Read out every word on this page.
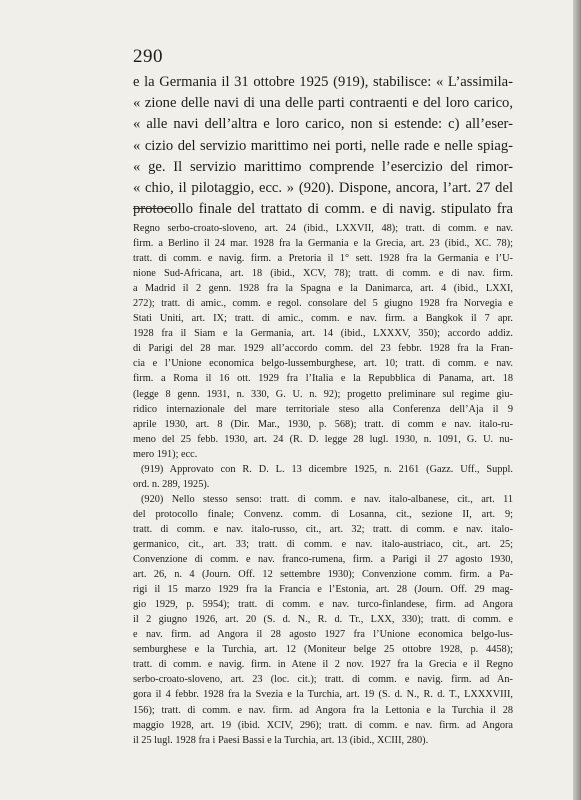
290
e la Germania il 31 ottobre 1925 (919), stabilisce: « L’assimila-
« zione delle navi di una delle parti contraenti e del loro carico,
« alle navi dell’altra e loro carico, non si estende: c) all’eser-
« cizio del servizio marittimo nei porti, nelle rade e nelle spiag-
« ge. Il servizio marittimo comprende l’esercizio del rimor-
« chio, il pilotaggio, ecc. » (920). Dispone, ancora, l’art. 27 del
protocollo finale del trattato di comm. e di navig. stipulato fra
Regno serbo-croato-sloveno, art. 24 (ibid., LXXVII, 48); tratt. di comm. e nav.
firm. a Berlino il 24 mar. 1928 fra la Germania e la Grecia, art. 23 (ibid., XC. 78);
tratt. di comm. e navig. firm. a Pretoria il 1° sett. 1928 fra la Germania e l’U-
nione Sud-Africana, art. 18 (ibid., XCV, 78); tratt. di comm. e di nav. firm.
a Madrid il 2 genn. 1928 fra la Spagna e la Danimarca, art. 4 (ibid., LXXI,
272); tratt. di amic., comm. e regol. consolare del 5 giugno 1928 fra Norvegia e
Stati Uniti, art. IX; tratt. di amic., comm. e nav. firm. a Bangkok il 7 apr.
1928 fra il Siam e la Germania, art. 14 (ibid., LXXXV, 350); accordo addiz.
di Parigi del 28 mar. 1929 all’accordo comm. del 23 febbr. 1928 fra la Fran-
cia e l’Unione economica belgo-lussemburghese, art. 10; tratt. di comm. e nav.
firm. a Roma il 16 ott. 1929 fra l’Italia e la Repubblica di Panama, art. 18
(legge 8 genn. 1931, n. 330, G. U. n. 92); progetto preliminare sul regime giu-
ridico internazionale del mare territoriale steso alla Conferenza dell’Aja il 9
aprile 1930, art. 8 (Dir. Mar., 1930, p. 568); tratt. di comm e nav. italo-ru-
meno del 25 febb. 1930, art. 24 (R. D. legge 28 lugl. 1930, n. 1091, G. U. nu-
mero 191); ecc.
(919) Approvato con R. D. L. 13 dicembre 1925, n. 2161 (Gazz. Uff., Suppl.
ord. n. 289, 1925).
(920) Nello stesso senso: tratt. di comm. e nav. italo-albanese, cit., art. 11
del protocollo finale; Convenz. comm. di Losanna, cit., sezione II, art. 9;
tratt. di comm. e nav. italo-russo, cit., art. 32; tratt. di comm. e nav. italo-
germanico, cit., art. 33; tratt. di comm. e nav. italo-austriaco, cit., art. 25;
Convenzione di comm. e nav. franco-rumena, firm. a Parigi il 27 agosto 1930,
art. 26, n. 4 (Journ. Off. 12 settembre 1930); Convenzione comm. firm. a Pa-
rigi il 15 marzo 1929 fra la Francia e l’Estonia, art. 28 (Journ. Off. 29 mag-
gio 1929, p. 5954); tratt. di comm. e nav. turco-finlandese, firm. ad Angora
il 2 giugno 1926, art. 20 (S. d. N., R. d. Tr., LXX, 330); tratt. di comm. e
e nav. firm. ad Angora il 28 agosto 1927 fra l’Unione economica belgo-lus-
semburghese e la Turchia, art. 12 (Moniteur belge 25 ottobre 1928, p. 4458);
tratt. di comm. e navig. firm. in Atene il 2 nov. 1927 fra la Grecia e il Regno
serbo-croato-sloveno, art. 23 (loc. cit.); tratt. di comm. e navig. firm. ad An-
gora il 4 febbr. 1928 fra la Svezia e la Turchia, art. 19 (S. d. N., R. d. T., LXXXVIII,
156); tratt. di comm. e nav. firm. ad Angora fra la Lettonia e la Turchia il 28
maggio 1928, art. 19 (ibid. XCIV, 296); tratt. di comm. e nav. firm. ad Angora
il 25 lugl. 1928 fra i Paesi Bassi e la Turchia, art. 13 (ibid., XCIII, 280).
